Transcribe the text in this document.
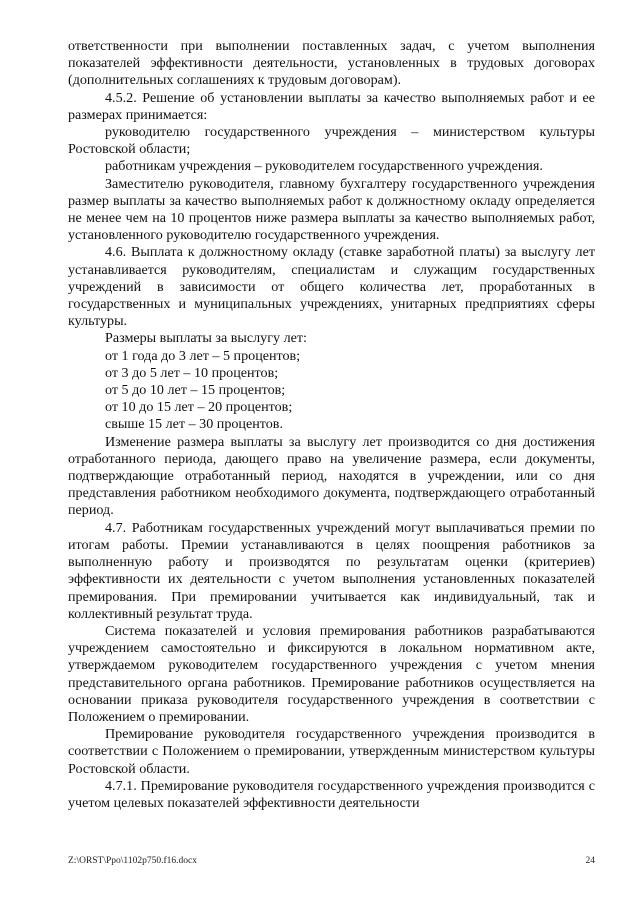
ответственности при выполнении поставленных задач, с учетом выполнения показателей эффективности деятельности, установленных в трудовых договорах (дополнительных соглашениях к трудовым договорам).

4.5.2. Решение об установлении выплаты за качество выполняемых работ и ее размерах принимается:

руководителю государственного учреждения – министерством культуры Ростовской области;

работникам учреждения – руководителем государственного учреждения.

Заместителю руководителя, главному бухгалтеру государственного учреждения размер выплаты за качество выполняемых работ к должностному окладу определяется не менее чем на 10 процентов ниже размера выплаты за качество выполняемых работ, установленного руководителю государственного учреждения.

4.6. Выплата к должностному окладу (ставке заработной платы) за выслугу лет устанавливается руководителям, специалистам и служащим государственных учреждений в зависимости от общего количества лет, проработанных в государственных и муниципальных учреждениях, унитарных предприятиях сферы культуры.

Размеры выплаты за выслугу лет:

от 1 года до 3 лет – 5 процентов;

от 3 до 5 лет – 10 процентов;

от 5 до 10 лет – 15 процентов;

от 10 до 15 лет – 20 процентов;

свыше 15 лет – 30 процентов.

Изменение размера выплаты за выслугу лет производится со дня достижения отработанного периода, дающего право на увеличение размера, если документы, подтверждающие отработанный период, находятся в учреждении, или со дня представления работником необходимого документа, подтверждающего отработанный период.

4.7. Работникам государственных учреждений могут выплачиваться премии по итогам работы. Премии устанавливаются в целях поощрения работников за выполненную работу и производятся по результатам оценки (критериев) эффективности их деятельности с учетом выполнения установленных показателей премирования. При премировании учитывается как индивидуальный, так и коллективный результат труда.

Система показателей и условия премирования работников разрабатываются учреждением самостоятельно и фиксируются в локальном нормативном акте, утверждаемом руководителем государственного учреждения с учетом мнения представительного органа работников. Премирование работников осуществляется на основании приказа руководителя государственного учреждения в соответствии с Положением о премировании.

Премирование руководителя государственного учреждения производится в соответствии с Положением о премировании, утвержденным министерством культуры Ростовской области.

4.7.1. Премирование руководителя государственного учреждения производится с учетом целевых показателей эффективности деятельности

Z:\ORST\Ppo\1102p750.f16.docx	24
